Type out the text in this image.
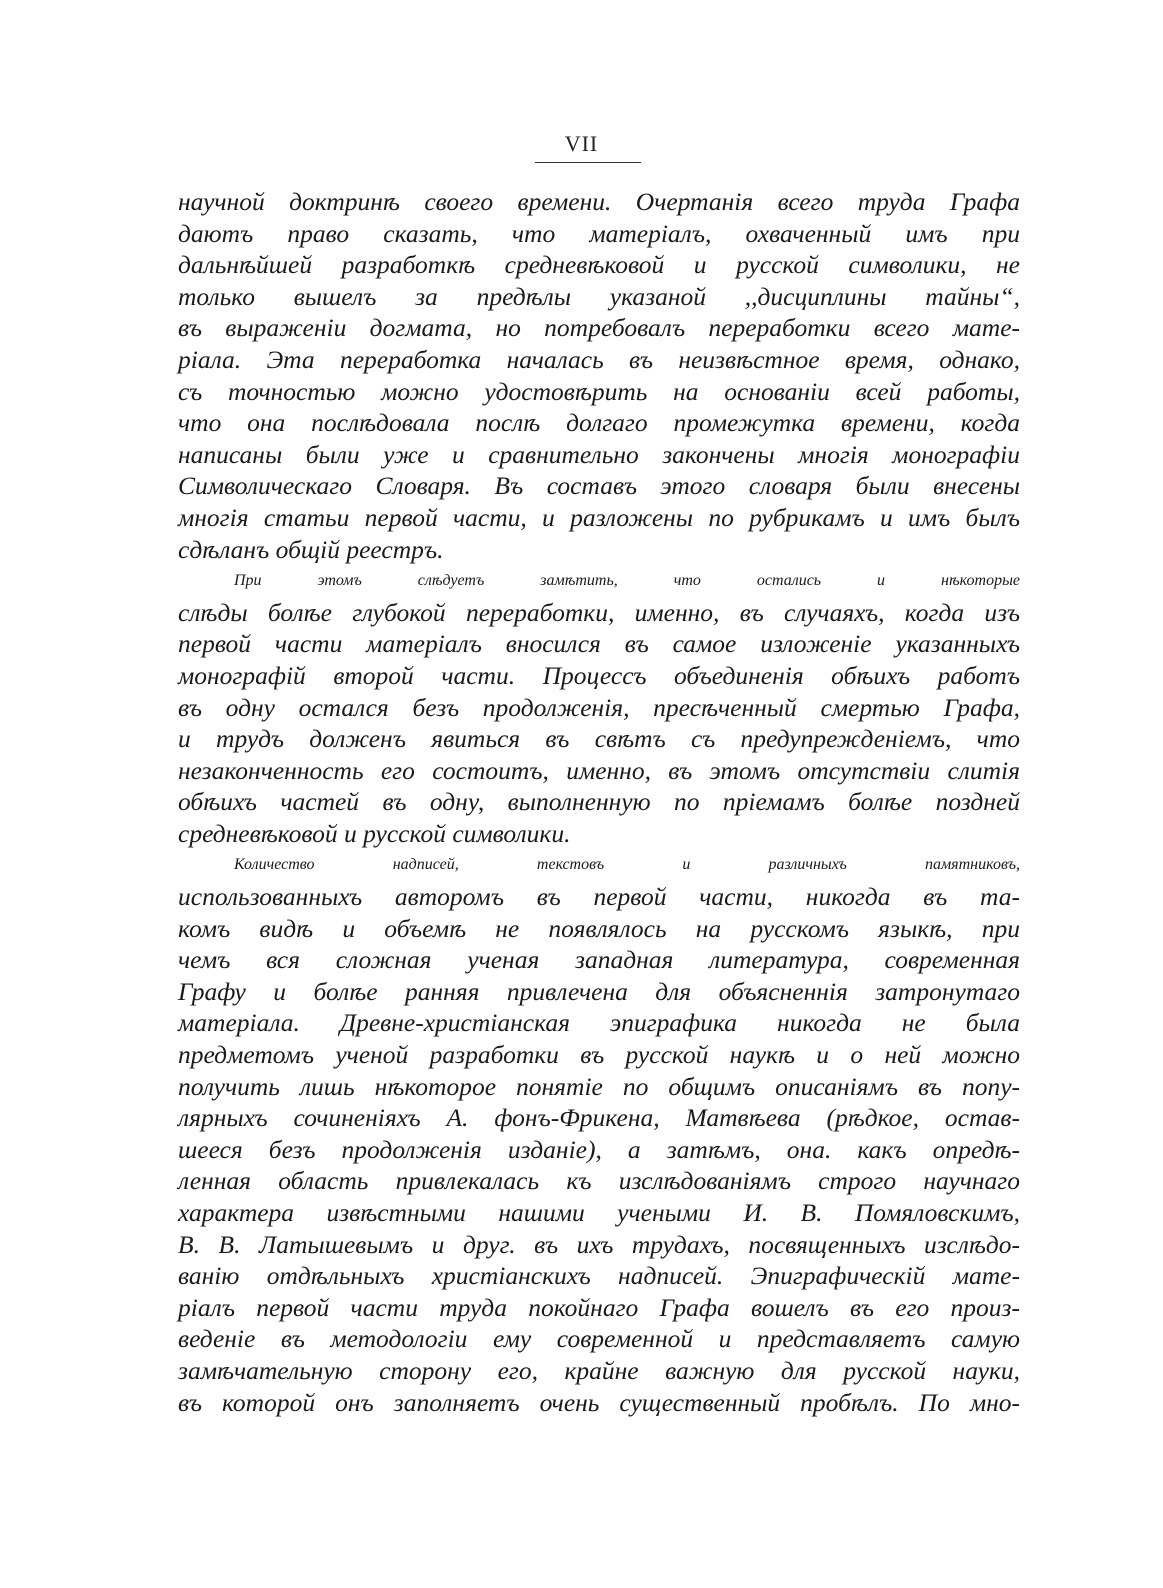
VII
научной доктринѣ своего времени. Очертанія всего труда Графа
даютъ право сказать, что матеріалъ, охваченный имъ при
дальнѣйшей разработкѣ средневѣковой и русской символики, не
только вышелъ за предѣлы указаной ,,дисциплины тайны“,
въ выраженіи догмата, но потребовалъ переработки всего мате-
ріала. Эта переработка началась въ неизвѣстное время, однако,
съ точностью можно удостовѣрить на основаніи всей работы,
что она послѣдовала послѣ долгаго промежутка времени, когда
написаны были уже и сравнительно закончены многія монографіи
Символическаго Словаря. Въ составъ этого словаря были внесены
многія статьи первой части, и разложены по рубрикамъ и имъ былъ
сдѣланъ общій реестръ.
При этомъ слѣдуетъ замѣтить, что остались и нѣкоторые
слѣды болѣе глубокой переработки, именно, въ случаяхъ, когда изъ
первой части матеріалъ вносился въ самое изложеніе указанныхъ
монографій второй части. Процессъ объединенія обѣихъ работъ
въ одну остался безъ продолженія, пресѣченный смертью Графа,
и трудъ долженъ явиться въ свѣтъ съ предупрежденіемъ, что
незаконченность его состоитъ, именно, въ этомъ отсутствіи слитія
обѣихъ частей въ одну, выполненную по пріемамъ болѣе поздней
средневѣковой и русской символики.
Количество надписей, текстовъ и различныхъ памятниковъ,
использованныхъ авторомъ въ первой части, никогда въ та-
комъ видѣ и объемѣ не появлялось на русскомъ языкѣ, при
чемъ вся сложная ученая западная литература, современная
Графу и болѣе ранняя привлечена для объясненнія затронутаго
матеріала. Древне-христіанская эпиграфика никогда не была
предметомъ ученой разработки въ русской наукѣ и о ней можно
получить лишь нѣкоторое понятіе по общимъ описаніямъ въ попу-
лярныхъ сочиненіяхъ А. фонъ-Фрикена, Матвѣева (рѣдкое, остав-
шееся безъ продолженія изданіе), а затѣмъ, она. какъ опредѣ-
ленная область привлекалась къ изслѣдованіямъ строго научнаго
характера извѣстными нашими учеными И. В. Помяловскимъ,
В. В. Латышевымъ и друг. въ ихъ трудахъ, посвященныхъ изслѣдо-
ванію отдѣльныхъ христіанскихъ надписей. Эпиграфическій мате-
ріалъ первой части труда покойнаго Графа вошелъ въ его произ-
веденіе въ методологіи ему современной и представляетъ самую
замѣчательную сторону его, крайне важную для русской науки,
въ которой онъ заполняетъ очень существенный пробѣлъ. По мно-
